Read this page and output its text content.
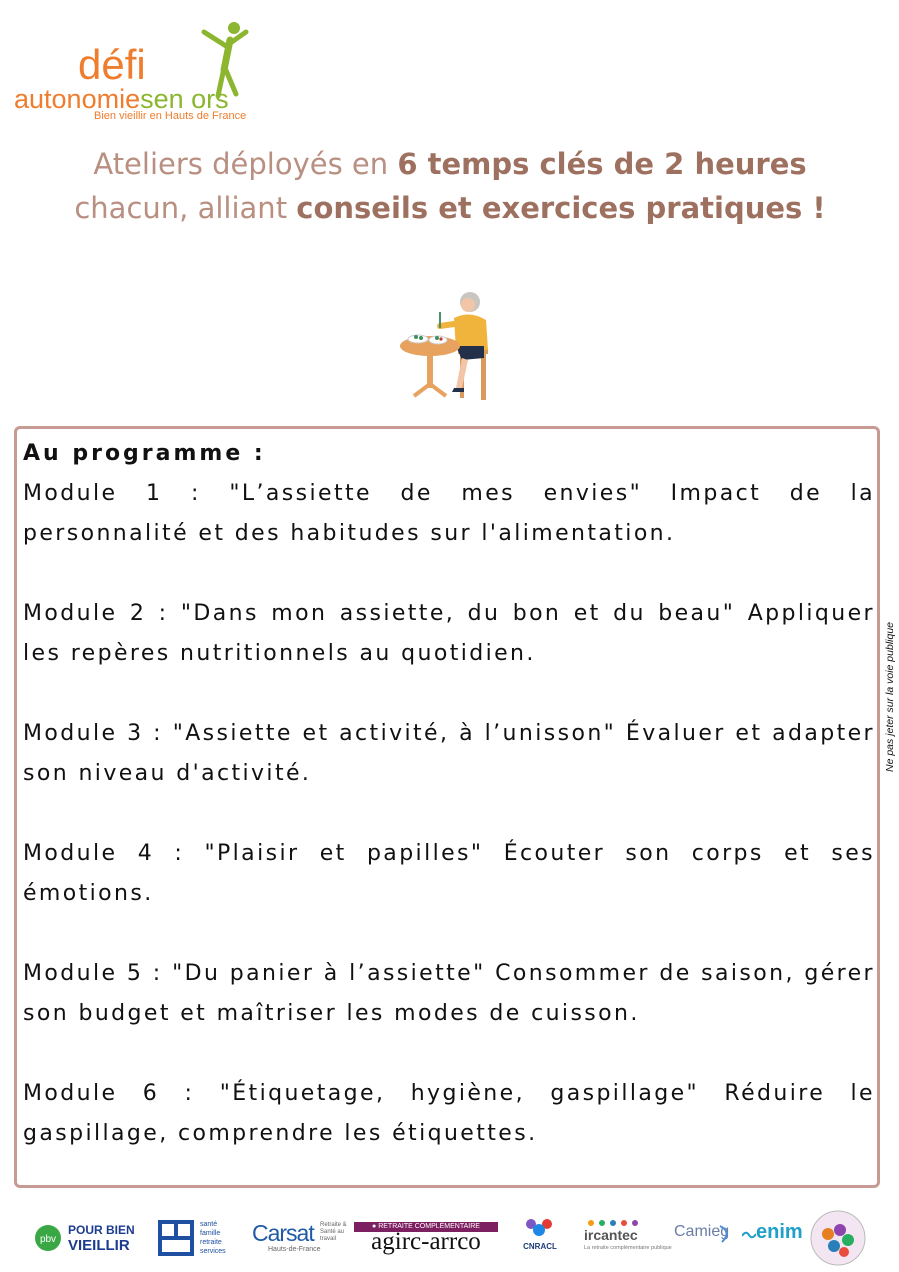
défi
autonomiesen ors
Bien vieillir en Hauts de France
Ateliers déployés en 6 temps clés de 2 heures chacun, alliant conseils et exercices pratiques !
Au programme :

Module 1 : "L’assiette de mes envies" Impact de la personnalité et des habitudes sur l'alimentation.

Module 2 : "Dans mon assiette, du bon et du beau" Appliquer les repères nutritionnels au quotidien.

Module 3 : "Assiette et activité, à l’unisson" Évaluer et adapter son niveau d'activité.

Module 4 : "Plaisir et papilles" Écouter son corps et ses émotions.

Module 5 : "Du panier à l’assiette" Consommer de saison, gérer son budget et maîtriser les modes de cuisson.

Module 6 : "Étiquetage, hygiène, gaspillage" Réduire le gaspillage, comprendre les étiquettes.

Ne pas jeter sur la voie publique
pbv
POUR BIEN
VIEILLIR
santé
famille
retraite
services
Carsat Retraite & Santé au travail
Hauts-de-France
● RETRAITE COMPLÉMENTAIRE
agirc-arrco	CNRACL
ircantec
La retraite complémentaire publique
Camieg enim
